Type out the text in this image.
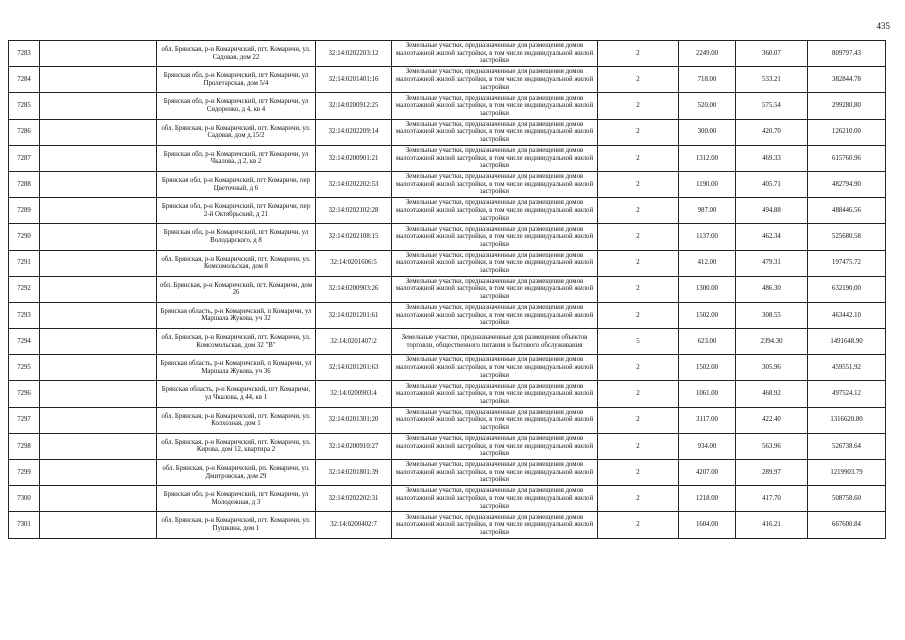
435
7283		обл. Брянская, р-н Комаричский, пгт. Комаричи, ул. Садовая, дом 22	32:14:0202203:12	Земельные участки, предназначенные для размещения домов малоэтажной жилой застройки, в том числе индивидуальной жилой застройки	2	2249.00	360.07	809797.43
7284		Брянская обл, р-н Комаричский, пгт Комаричи, ул Пролетарская, дом 5/4	32:14:0201401:16	Земельные участки, предназначенные для размещения домов малоэтажной жилой застройки, в том числе индивидуальной жилой застройки	2	718.00	533.21	382844.78
7285		Брянская обл, р-н Комаричский, пгт Комаричи, ул Сидоренко, д 4, кв 4	32:14:0200912:25	Земельные участки, предназначенные для размещения домов малоэтажной жилой застройки, в том числе индивидуальной жилой застройки	2	520.00	575.54	299280.80
7286		обл. Брянская, р-н Комаричский, пгт. Комаричи, ул. Садовая, дом д.15/2	32:14:0202209:14	Земельные участки, предназначенные для размещения домов малоэтажной жилой застройки, в том числе индивидуальной жилой застройки	2	300.00	420.70	126210.00
7287		Брянская обл, р-н Комаричский, пгт Комаричи, ул Чкалова, д 2, кв 2	32:14:0200901:21	Земельные участки, предназначенные для размещения домов малоэтажной жилой застройки, в том числе индивидуальной жилой застройки	2	1312.00	469.33	615760.96
7288		Брянская обл, р-н Комаричский, пгт Комаричи, пер Цветочный, д 6	32:14:0202202:53	Земельные участки, предназначенные для размещения домов малоэтажной жилой застройки, в том числе индивидуальной жилой застройки	2	1190.00	405.71	482794.90
7289		Брянская обл, р-н Комаричский, пгт Комаричи, пер 2-й Октябрьский, д 21	32:14:0202102:28	Земельные участки, предназначенные для размещения домов малоэтажной жилой застройки, в том числе индивидуальной жилой застройки	2	987.00	494.88	488446.56
7290		Брянская обл, р-н Комаричский, пгт Комаричи, ул Володарского, д 8	32:14:0202108:15	Земельные участки, предназначенные для размещения домов малоэтажной жилой застройки, в том числе индивидуальной жилой застройки	2	1137.00	462.34	525680.58
7291		обл. Брянская, р-н Комаричский, пгт. Комаричи, ул. Комсомольская, дом 8	32:14:0201606:5	Земельные участки, предназначенные для размещения домов малоэтажной жилой застройки, в том числе индивидуальной жилой застройки	2	412.00	479.31	197475.72
7292		обл. Брянская, р-н Комаричский, пгт. Комаричи, дом 26	32:14:0200903:26	Земельные участки, предназначенные для размещения домов малоэтажной жилой застройки, в том числе индивидуальной жилой застройки	2	1300.00	486.30	632190.00
7293		Брянская область, р-н Комаричский, п Комаричи, ул Маршала Жукова, уч 32	32:14:0201201:61	Земельные участки, предназначенные для размещения домов малоэтажной жилой застройки, в том числе индивидуальной жилой застройки	2	1502.00	308.55	463442.10
7294		обл. Брянская, р-н Комаричский, пгт. Комаричи, ул. Комсомольская, дом 32 "В"	32:14:0201407:2	Земельные участки, предназначенные для размещения объектов торговли, общественного питания и бытового обслуживания	5	623.00	2394.30	1491648.90
7295		Брянская область, р-н Комаричский, п Комаричи, ул Маршала Жукова, уч 36	32:14:0201201:63	Земельные участки, предназначенные для размещения домов малоэтажной жилой застройки, в том числе индивидуальной жилой застройки	2	1502.00	305.96	459551.92
7296		Брянская область, р-н Комаричский, пгт Комаричи, ул Чкалова, д 44, кв 1	32:14:0200903:4	Земельные участки, предназначенные для размещения домов малоэтажной жилой застройки, в том числе индивидуальной жилой застройки	2	1061.00	468.92	497524.12
7297		обл. Брянская, р-н Комаричский, пгт. Комаричи, ул. Колхозная, дом 1	32:14:0201301:20	Земельные участки, предназначенные для размещения домов малоэтажной жилой застройки, в том числе индивидуальной жилой застройки	2	3117.00	422.40	1316620.80
7298		обл. Брянская, р-н Комаричский, пгт. Комаричи, ул. Кирова, дом 12, квартира 2	32:14:0200910:27	Земельные участки, предназначенные для размещения домов малоэтажной жилой застройки, в том числе индивидуальной жилой застройки	2	934.00	563.96	526738.64
7299		обл. Брянская, р-н Комаричский, рп. Комаричи, ул. Дмитровская, дом 29	32:14:0201801:39	Земельные участки, предназначенные для размещения домов малоэтажной жилой застройки, в том числе индивидуальной жилой застройки	2	4207.00	289.97	1219903.79
7300		Брянская обл, р-н Комаричский, пгт Комаричи, ул Молодежная, д 3	32:14:0202202:31	Земельные участки, предназначенные для размещения домов малоэтажной жилой застройки, в том числе индивидуальной жилой застройки	2	1218.00	417.70	508758.60
7301		обл. Брянская, р-н Комаричский, пгт. Комаричи, ул. Пушкина, дом 1	32:14:0200402:7	Земельные участки, предназначенные для размещения домов малоэтажной жилой застройки, в том числе индивидуальной жилой застройки	2	1604.00	416.21	667600.84
